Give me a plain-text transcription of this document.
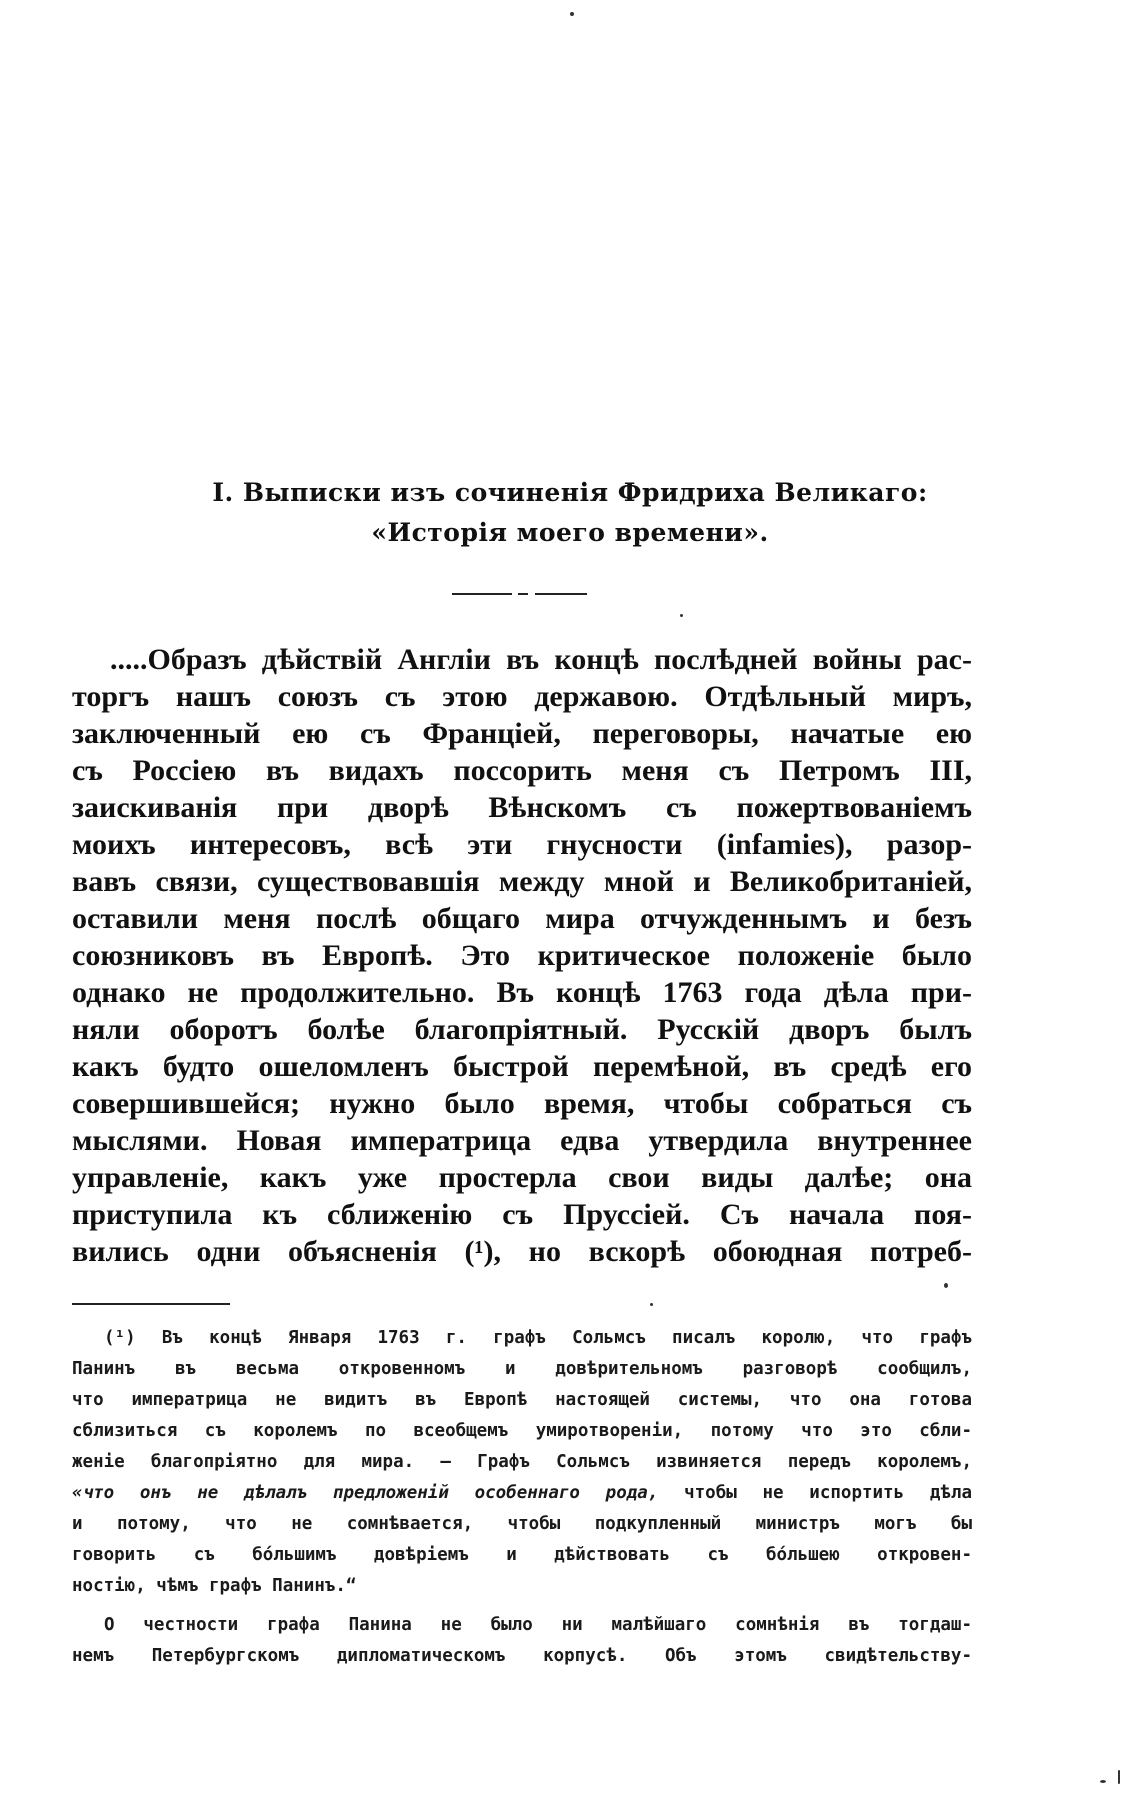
I. Выписки изъ сочиненія Фридриха Великаго:
«Исторія моего времени».
.....Образъ дѣйствій Англіи въ концѣ послѣдней войны рас-
торгъ нашъ союзъ съ этою державою. Отдѣльный миръ,
заключенный ею съ Франціей, переговоры, начатые ею
съ Россіею въ видахъ поссорить меня съ Петромъ III,
заискиванія при дворѣ Вѣнскомъ съ пожертвованіемъ
моихъ интересовъ, всѣ эти гнусности (infamies), разор-
вавъ связи, существовавшія между мной и Великобританіей,
оставили меня послѣ общаго мира отчужденнымъ и безъ
союзниковъ въ Европѣ. Это критическое положеніе было
однако не продолжительно. Въ концѣ 1763 года дѣла при-
няли оборотъ болѣе благопріятный. Русскій дворъ былъ
какъ будто ошеломленъ быстрой перемѣной, въ средѣ его
совершившейся; нужно было время, чтобы собраться съ
мыслями. Новая императрица едва утвердила внутреннее
управленіе, какъ уже простерла свои виды далѣе; она
приступила къ сближенію съ Пруссіей. Съ начала поя-
вились одни объясненія (¹), но вскорѣ обоюдная потреб-
(¹) Въ концѣ Января 1763 г. графъ Сольмсъ писалъ королю, что графъ
Панинъ въ весьма откровенномъ и довѣрительномъ разговорѣ сообщилъ,
что императрица не видитъ въ Европѣ настоящей системы, что она готова
сблизиться съ королемъ по всеобщемъ умиротвореніи, потому что это сбли-
женіе благопріятно для мира. — Графъ Сольмсъ извиняется передъ королемъ,
«что онъ не дѣлалъ предложеній особеннаго рода, чтобы не испортить дѣла
и потому, что не сомнѣвается, чтобы подкупленный министръ могъ бы
говорить съ бо́льшимъ довѣріемъ и дѣйствовать съ бо́льшею откровен-
ностію, чѣмъ графъ Панинъ.“
О честности графа Панина не было ни малѣйшаго сомнѣнія въ тогдаш-
немъ Петербургскомъ дипломатическомъ корпусѣ. Объ этомъ свидѣтельству-
